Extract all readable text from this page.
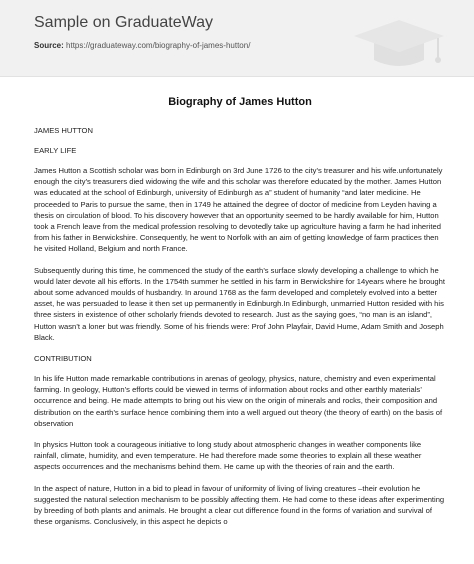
Sample on GraduateWay
Source: https://graduateway.com/biography-of-james-hutton/
Biography of James Hutton
JAMES HUTTON
EARLY LIFE

James Hutton a Scottish scholar was born in Edinburgh on 3rd June 1726 to the city’s treasurer and his wife.unfortunately enough the city’s treasurers died widowing the wife and this scholar was therefore educated by the mother. James Hutton was educated at the school of Edinburgh, university of Edinburgh as a” student of humanity “and later medicine. He proceeded to Paris to pursue the same, then in 1749 he attained the degree of doctor of medicine from Leyden having a thesis on circulation of blood. To his discovery however that an opportunity seemed to be hardly available for him, Hutton took a French leave from the medical profession resolving to devotedly take up agriculture having a farm he had inherited from his father in Berwickshire. Consequently, he went to Norfolk with an aim of getting knowledge of farm practices then he visited Holland, Belgium and north France.

Subsequently during this time, he commenced the study of the earth’s surface slowly developing a challenge to which he would later devote all his efforts. In the 1754th summer he settled in his farm in Berwickshire for 14years where he brought about some advanced moulds of husbandry. In around 1768 as the farm developed and completely evolved into a better asset, he was persuaded to lease it then set up permanently in Edinburgh.In Edinburgh, unmarried Hutton resided with his three sisters in existence of other scholarly friends devoted to research. Just as the saying goes, “no man is an island”, Hutton wasn’t a loner but was friendly. Some of his friends were: Prof John Playfair, David Hume, Adam Smith and Joseph Black.

CONTRIBUTION

In his life Hutton made remarkable contributions in arenas of geology, physics, nature, chemistry and even experimental farming. In geology, Hutton’s efforts could be viewed in terms of information about rocks and other earthly materials’ occurrence and being. He made attempts to bring out his view on the origin of minerals and rocks, their composition and distribution on the earth’s surface hence combining them into a well argued out theory (the theory of earth) on the basis of observation

In physics Hutton took a courageous initiative to long study about atmospheric changes in weather components like rainfall, climate, humidity, and even temperature. He had therefore made some theories to explain all these weather aspects occurrences and the mechanisms behind them. He came up with the theories of rain and the earth.

In the aspect of nature, Hutton in a bid to plead in favour of uniformity of living of living creatures –their evolution he suggested the natural selection mechanism to be possibly affecting them. He had come to these ideas after experimenting by breeding of both plants and animals. He brought a clear cut difference found in the forms of variation and survival of these organisms. Conclusively, in this aspect he depicts o
